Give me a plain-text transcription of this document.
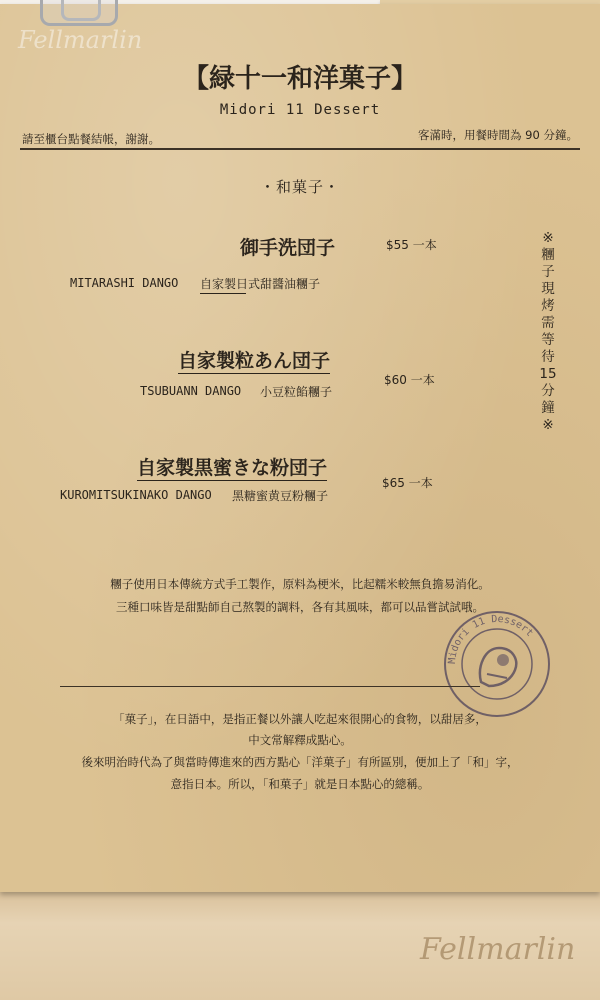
Fellmarlin
【緑十一和洋菓子】
Midori 11 Dessert
請至櫃台點餐結帳，謝謝。	客滿時，用餐時間為 90 分鐘。
・和菓子・
御手洗団子	$55 一本
MITARASHI DANGO 自家製日式甜醬油糰子
自家製粒あん団子
$60 一本
TSUBUANN DANGO 小豆粒餡糰子
自家製黒蜜きな粉団子
$65 一本
KUROMITSUKINAKO DANGO 黑糖蜜黄豆粉糰子
※
糰
子
現
烤
需
等
待
15
分
鐘
※
糰子使用日本傳統方式手工製作，原料為梗米，比起糯米較無負擔易消化。
三種口味皆是甜點師自己熬製的調料，各有其風味，都可以品嘗試試哦。
Midori 11 Dessert
「菓子」，在日語中，是指正餐以外讓人吃起來很開心的食物，以甜居多，
中文常解釋成點心。
後來明治時代為了與當時傳進來的西方點心「洋菓子」有所區別，便加上了「和」字，
意指日本。所以，「和菓子」就是日本點心的總稱。
Fellmarlin
